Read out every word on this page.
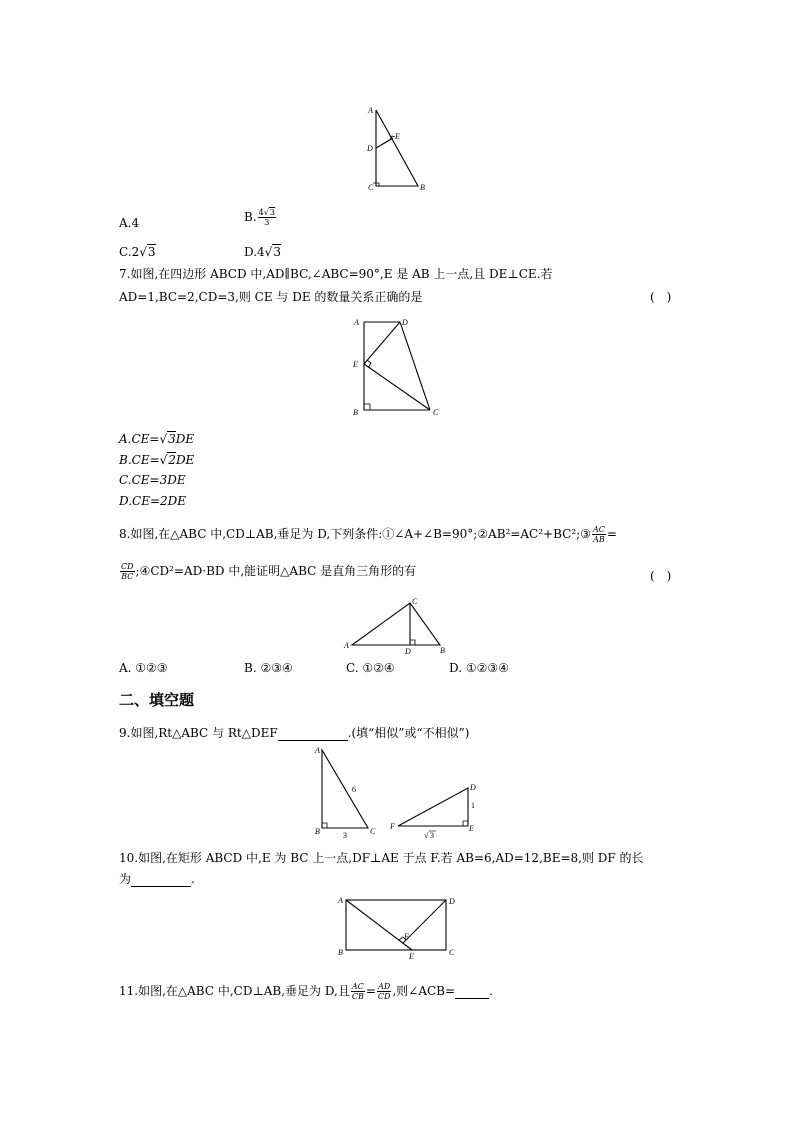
A
E
D
C	B
A.4	B. $\frac{4√3}{3}$
C.2√3	D.4√3
7.如图,在四边形 ABCD 中,AD∥BC,∠ABC=90°,E 是 AB 上一点,且 DE⊥CE.若
AD=1,BC=2,CD=3,则 CE 与 DE 的数量关系正确的是	(　)
A	D
E
B	C
A.CE=√3DE
B.CE=√2DE
C.CE=3DE
D.CE=2DE
8.如图,在△ABC 中,CD⊥AB,垂足为 D,下列条件:①∠A+∠B=90°;②AB²=AC²+BC²;③ $\frac{AC}{AB}$ =
$\frac{CD}{BC}$ ;④CD²=AD·BD 中,能证明△ABC 是直角三角形的有	(　)
C
A
D	B
A. ①②③	B. ②③④	C. ①②④	D. ①②③④
二、填空题
9.如图,Rt△ABC 与 Rt△DEF	.(填“相似”或“不相似”)
A
B	C
6
3
D
E
F
1
√ 3
10.如图,在矩形 ABCD 中,E 为 BC 上一点,DF⊥AE 于点 F.若 AB=6,AD=12,BE=8,则 DF 的长
为	.
A	D
F
B	E	C
11.如图,在△ABC 中,CD⊥AB,垂足为 D,且 $\frac{AC}{CB} = \frac{AD}{CD}$ ,则∠ACB=	.
